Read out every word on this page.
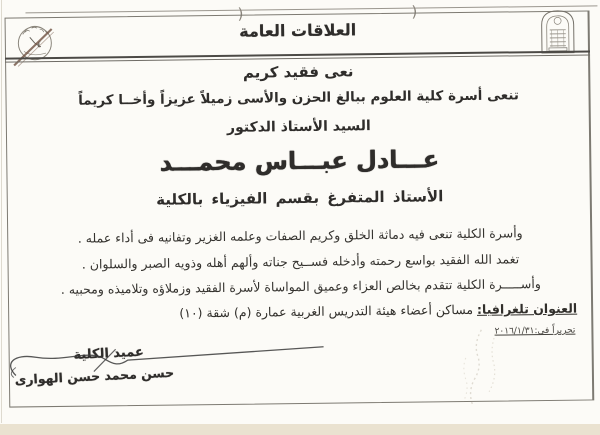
)	)
٤
العلاقات العامة
نعى فقيد كريم
تنعى أسرة كلية العلوم ببالغ الحزن والأسى زميلاً عزيزاً وأخــا كريماً
السيد الأستاذ الدكتور
عـــادل عبـــاس محمـــد
الأستاذ المتفرغ بقسم الفيزياء بالكلية
وأسرة الكلية تنعى فيه دماثة الخلق وكريم الصفات وعلمه الغزير وتفانيه فى أداء عمله .
تغمد الله الفقيد بواسع رحمته وأدخله فســيح جناته وألهم أهله وذويه الصبر والسلوان .
وأســـــرة الكلية تتقدم بخالص العزاء وعميق المواساة لأسرة الفقيد وزملاؤه وتلاميذه ومحبيه .
العنوان تلغرافيا: مساكن أعضاء هيئة التدريس الغربية عمارة (م) شقة (١٠)
تحريراً فى:٢٠١٦/١/٣١
عميد الكلية
حسن محمد حسن الهوارى
